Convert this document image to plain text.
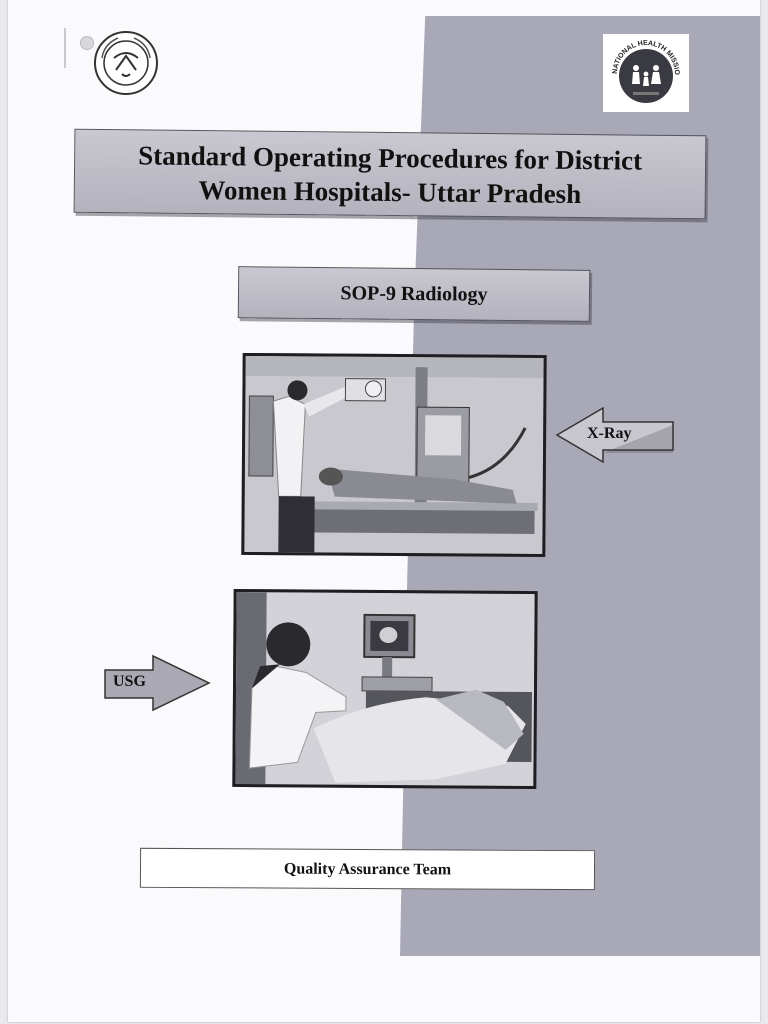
NATIONAL HEALTH MISSIO
Standard Operating Procedures for District
Women Hospitals- Uttar Pradesh
SOP-9 Radiology
X-Ray
USG
Quality Assurance Team
